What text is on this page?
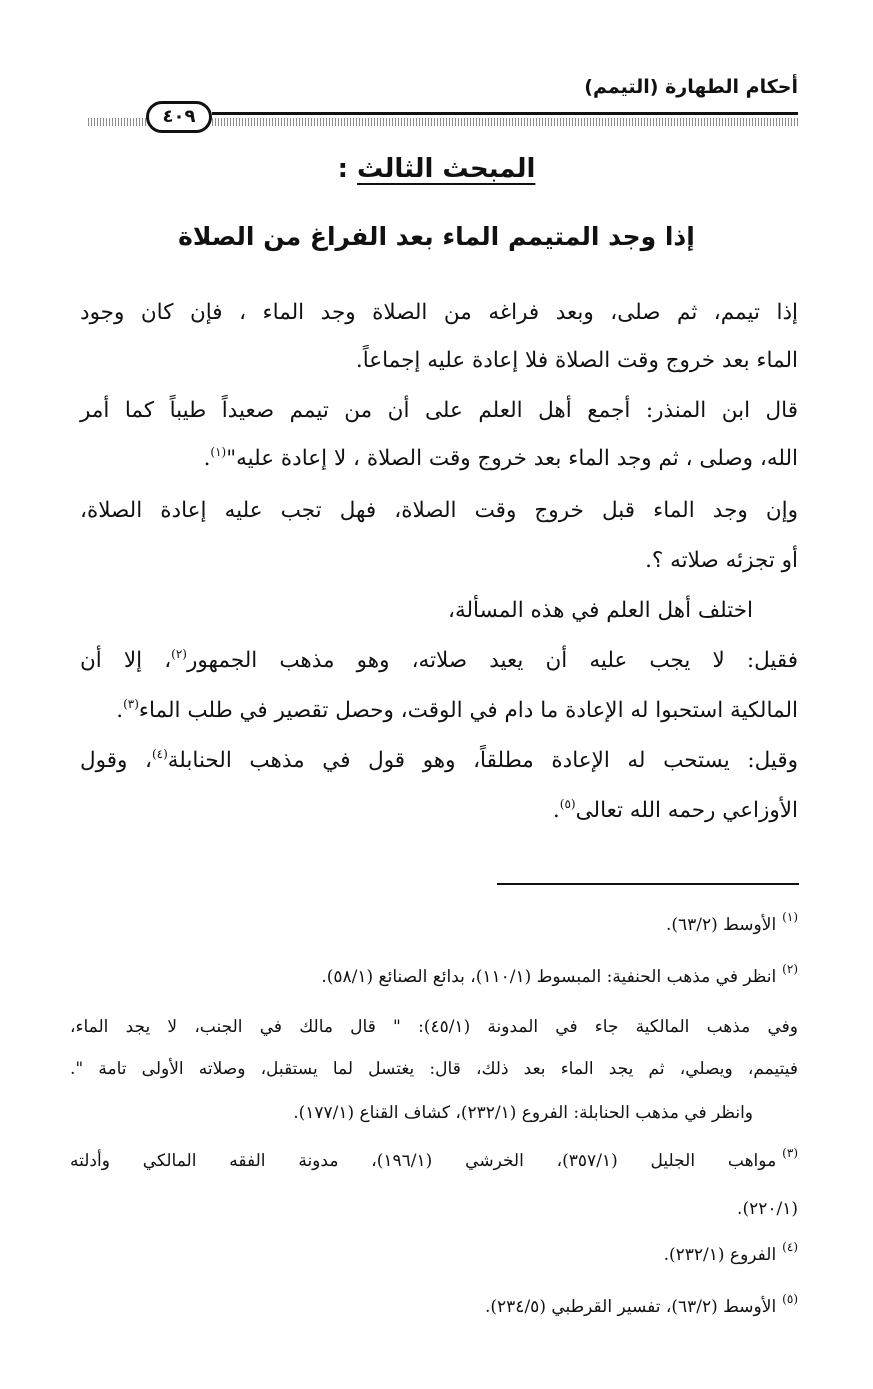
أحكام الطهارة (التيمم)
٤٠٩
المبحث الثالث :
إذا وجد المتيمم الماء بعد الفراغ من الصلاة
إذا تيمم، ثم صلى، وبعد فراغه من الصلاة وجد الماء ، فإن كان وجود
الماء بعد خروج وقت الصلاة فلا إعادة عليه إجماعاً.
قال ابن المنذر: أجمع أهل العلم على أن من تيمم صعيداً طيباً كما أمر
الله، وصلى ، ثم وجد الماء بعد خروج وقت الصلاة ، لا إعادة عليه"$^{(١)}$.
وإن وجد الماء قبل خروج وقت الصلاة، فهل تجب عليه إعادة الصلاة،
أو تجزئه صلاته ؟.
اختلف أهل العلم في هذه المسألة،
فقيل: لا يجب عليه أن يعيد صلاته، وهو مذهب الجمهور$^{(٢)}$، إلا أن
المالكية استحبوا له الإعادة ما دام في الوقت، وحصل تقصير في طلب الماء$^{(٣)}$.
وقيل: يستحب له الإعادة مطلقاً، وهو قول في مذهب الحنابلة$^{(٤)}$، وقول
الأوزاعي رحمه الله تعالى$^{(٥)}$.
$^{(١)}$الأوسط (٦٣/٢).
$^{(٢)}$انظر في مذهب الحنفية: المبسوط (١١٠/١)، بدائع الصنائع (٥٨/١).
وفي مذهب المالكية جاء في المدونة (٤٥/١): " قال مالك في الجنب، لا يجد الماء،
فيتيمم، ويصلي، ثم يجد الماء بعد ذلك، قال: يغتسل لما يستقبل، وصلاته الأولى تامة ".
وانظر في مذهب الحنابلة: الفروع (٢٣٢/١)، كشاف القناع (١٧٧/١).
$^{(٣)}$مواهب الجليل (٣٥٧/١)، الخرشي (١٩٦/١)، مدونة الفقه المالكي وأدلته
(٢٢٠/١).
$^{(٤)}$الفروع (٢٣٢/١).
$^{(٥)}$الأوسط (٦٣/٢)، تفسير القرطبي (٢٣٤/٥).
